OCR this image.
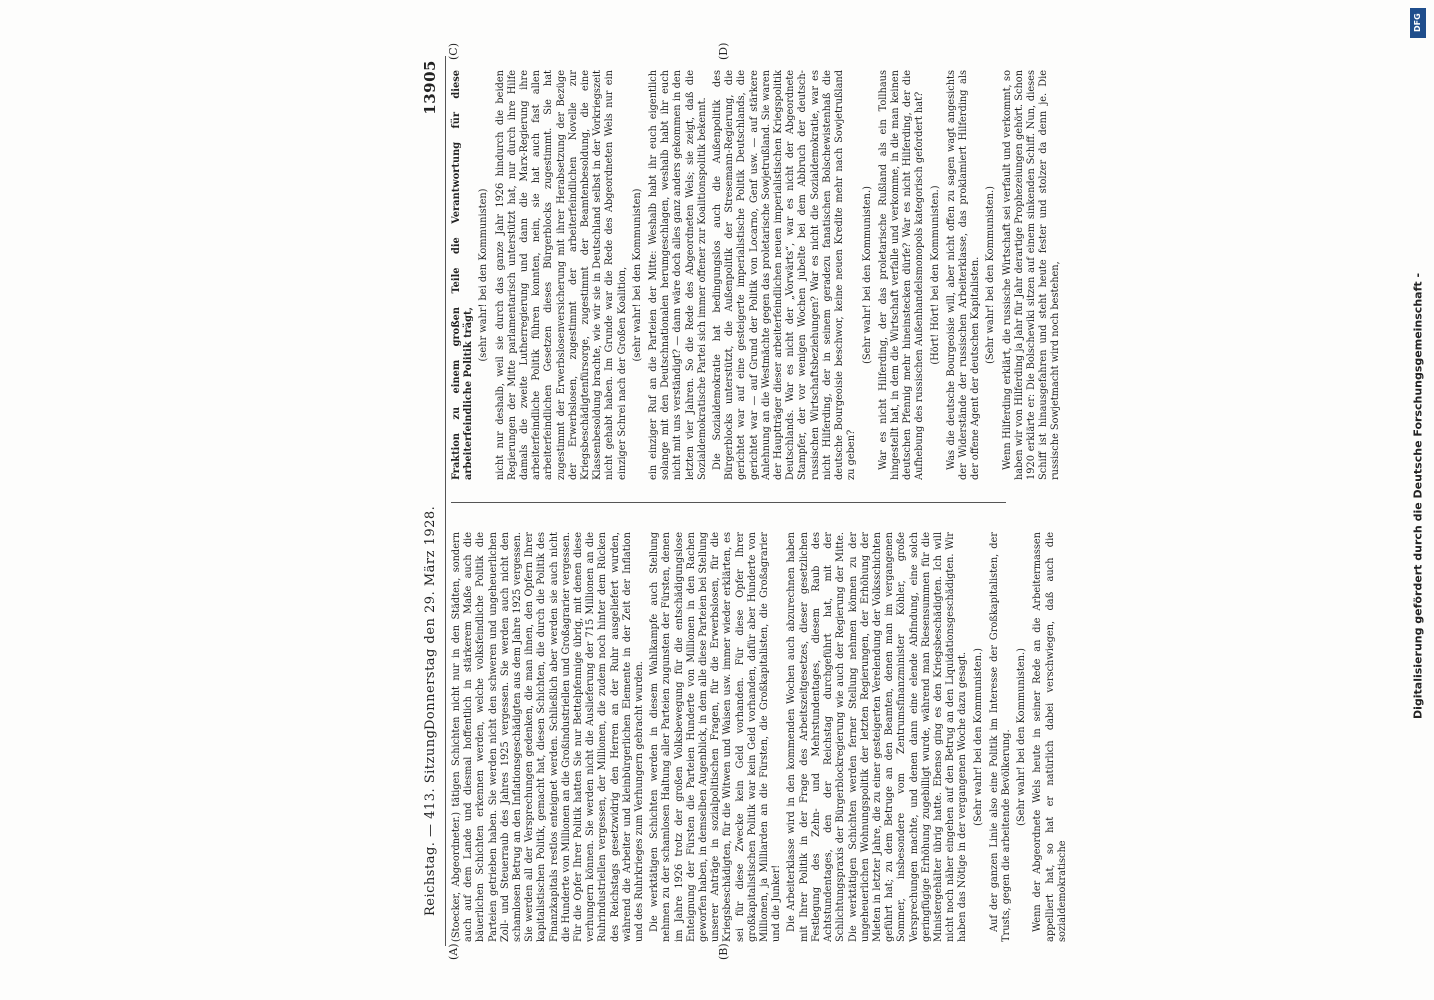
Reichstag. — 413. Sitzung.
Donnerstag den 29. März 1928.
13905
(A)	(B)
(C)	(D)

(Stoecker, Abgeordneter.) tätigen Schichten nicht nur in den Städten, sondern auch auf dem Lande und diesmal hoffentlich in stärkerem Maße auch die bäuerlichen Schichten erkennen werden, welche volksfeindliche Politik die Parteien getrieben haben. Sie werden nicht den schweren und ungeheuerlichen Zoll- und Steuerraub des Jahres 1925 vergessen. Sie werden auch nicht den schamlosen Betrug an den Inflationsgeschädigten aus dem Jahre 1925 vergessen. Sie werden all der Versprechungen gedenken, die man ihnen, den Opfern Ihrer kapitalistischen Politik, gemacht hat, diesen Schichten, die durch die Politik des Finanzkapitals restlos enteignet werden. Schließlich aber werden sie auch nicht die Hunderte von Millionen an die Großindustriellen und Großagrarier vergessen. Für die Opfer Ihrer Politik hatten Sie nur Bettelpfennige übrig, mit denen diese verhungern können. Sie werden nicht die Auslieferung der 715 Millionen an die Ruhrindustriellen vergessen, der Millionen, die zudem noch hinter dem Rücken des Reichstags gesetzwidrig den Herren an der Ruhr ausgeliefert wurden, während die Arbeiter und kleinbürgerlichen Elemente in der Zeit der Inflation und des Ruhrkrieges zum Verhungern gebracht wurden. Die werktätigen Schichten werden in diesem Wahlkampfe auch Stellung nehmen zu der schamlosen Haltung aller Parteien zugunsten der Fürsten, denen im Jahre 1926 trotz der großen Volksbewegung für die entschädigungslose Enteignung der Fürsten die Parteien Hunderte von Millionen in den Rachen geworfen haben, in demselben Augenblick, in dem alle diese Parteien bei Stellung unserer Anträge in sozialpolitischen Fragen, für die Erwerbslosen, für die Kriegsbeschädigten, für die Witwen und Waisen usw. immer wieder erklärten, es sei für diese Zwecke kein Geld vorhanden. Für diese Opfer Ihrer großkapitalistischen Politik war kein Geld vorhanden, dafür aber Hunderte von Millionen, ja Milliarden an die Fürsten, die Großkapitalisten, die Großagrarier und die Junker! Die Arbeiterklasse wird in den kommenden Wochen auch abzurechnen haben mit Ihrer Politik in der Frage des Arbeitszeitgesetzes, dieser gesetzlichen Festlegung des Zehn- und Mehrstundentages, diesem Raub des Achtstundentages, den der Reichstag durchgeführt hat, mit der Schlichtungspraxis der Bürgerblockregierung wie auch der Regierung der Mitte. Die werktätigen Schichten werden ferner Stellung nehmen können zu der ungeheuerlichen Wohnungspolitik der letzten Regierungen, der Erhöhung der Mieten in letzter Jahre, die zu einer gesteigerten Verelendung der Volksschichten geführt hat; zu dem Betruge an den Beamten, denen man im vergangenen Sommer, insbesondere vom Zentrumsfinanzminister Köhler, große Versprechungen machte, und denen dann eine elende Abfindung, eine solch geringfügige Erhöhung zugebilligt wurde, während man Riesensummen für die Ministergehälter übrig hatte. Ebenso ging es den Kriegsbeschädigten. Ich will nicht noch näher eingehen auf den Betrug an den Liquidationsgeschädigten. Wir haben das Nötige in der vergangenen Woche dazu gesagt. (Sehr wahr! bei den Kommunisten.) Auf der ganzen Linie also eine Politik im Interesse der Großkapitalisten, der Trusts, gegen die arbeitende Bevölkerung. (Sehr wahr! bei den Kommunisten.) Wenn der Abgeordnete Wels heute in seiner Rede an die Arbeitermassen appelliert hat, so hat er natürlich dabei verschwiegen, daß auch die sozialdemokratische

Fraktion zu einem großen Teile die Verantwortung für diese arbeiterfeindliche Politik trägt,

(sehr wahr! bei den Kommunisten) nicht nur deshalb, weil sie durch das ganze Jahr 1926 hindurch die beiden Regierungen der Mitte parlamentarisch unterstützt hat, nur durch ihre Hilfe damals die zweite Lutherregierung und dann die Marx-Regierung ihre arbeiterfeindliche Politik führen konnten, nein, sie hat auch fast allen arbeiterfeindlichen Gesetzen dieses Bürgerblocks zugestimmt. Sie hat zugestimmt der Erwerbslosenversicherung mit ihrer Herabsetzung der Bezüge der Erwerbslosen, zugestimmt der arbeiterfeindlichen Novelle zur Kriegsbeschädigtenfürsorge, zugestimmt der Beamtenbesoldung, die eine Klassenbesoldung brachte, wie wir sie in Deutschland selbst in der Vorkriegszeit nicht gehabt haben. Im Grunde war die Rede des Abgeordneten Wels nur ein einziger Schrei nach der Großen Koalition, (sehr wahr! bei den Kommunisten) ein einziger Ruf an die Parteien der Mitte: Weshalb habt ihr euch eigentlich solange mit den Deutschnationalen herumgeschlagen, weshalb habt ihr euch nicht mit uns verständigt? — dann wäre doch alles ganz anders gekommen in den letzten vier Jahren. So die Rede des Abgeordneten Wels; sie zeigt, daß die Sozialdemokratische Partei sich immer offener zur Koalitionspolitik bekennt. Die Sozialdemokratie hat bedingungslos auch die Außenpolitik des Bürgerblocks unterstützt, die Außenpolitik der Stresemann-Regierung, die gerichtet war auf eine gesteigerte imperialistische Politik Deutschlands, die gerichtet war — auf Grund der Politik von Locarno, Genf usw. — auf stärkere Anlehnung an die Westmächte gegen das proletarische Sowjetrußland. Sie waren der Hauptträger dieser arbeiterfeindlichen neuen imperialistischen Kriegspolitik Deutschlands. War es nicht der „Vorwärts“, war es nicht der Abgeordnete Stampfer, der vor wenigen Wochen jubelte bei dem Abbruch der deutsch-russischen Wirtschaftsbeziehungen? War es nicht die Sozialdemokratie, war es nicht Hilferding, der in seinem geradezu fanatischen Bolschewistenhaß die deutsche Bourgeoisie beschwor, keine neuen Kredite mehr nach Sowjetrußland zu geben?

(Sehr wahr! bei den Kommunisten.) War es nicht Hilferding, der das proletarische Rußland als ein Tollhaus hingestellt hat, in dem die Wirtschaft verfalle und verkomme, in die man keinen deutschen Pfennig mehr hineinstecken dürfe? War es nicht Hilferding, der die Aufhebung des russischen Außenhandelsmonopols kategorisch gefordert hat? (Hört! Hört! bei den Kommunisten.) Was die deutsche Bourgeoisie will, aber nicht offen zu sagen wagt angesichts der Widerstände der russischen Arbeiterklasse, das proklamiert Hilferding als der offene Agent der deutschen Kapitalisten. (Sehr wahr! bei den Kommunisten.) Wenn Hilferding erklärt, die russische Wirtschaft sei verfault und verkommt, so haben wir von Hilferding ja Jahr für Jahr derartige Prophezeiungen gehört. Schon 1920 erklärte er: Die Bolschewiki sitzen auf einem sinkenden Schiff. Nun, dieses Schiff ist hinausgefahren und steht heute fester und stolzer da denn je. Die russische Sowjetmacht wird noch bestehen,	Digitalisierung gefördert durch die Deutsche Forschungsgemeinschaft -
DFG
